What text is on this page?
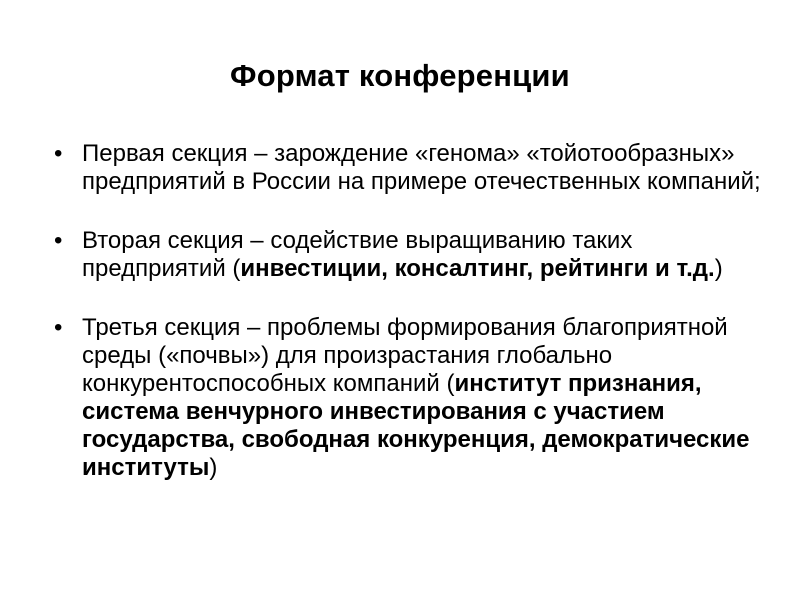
Формат конференции
• Первая секция – зарождение «генома» «тойотообразных» предприятий в России на примере отечественных компаний;
• Вторая секция – содействие выращиванию таких предприятий (инвестиции, консалтинг, рейтинги и т.д.)
• Третья секция – проблемы формирования благоприятной среды («почвы») для произрастания глобально конкурентоспособных компаний (институт признания, система венчурного инвестирования с участием государства, свободная конкуренция, демократические институты)
